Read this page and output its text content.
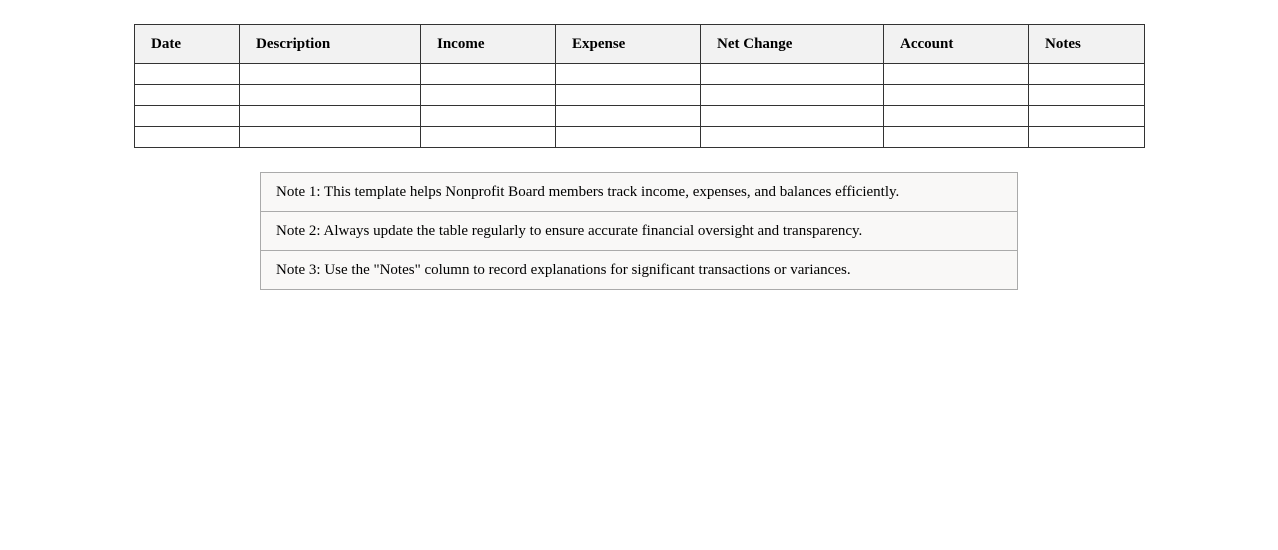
Date	Description	Income	Expense	Net Change	Account	Notes

Note 1: This template helps Nonprofit Board members track income, expenses, and balances efficiently.
Note 2: Always update the table regularly to ensure accurate financial oversight and transparency.
Note 3: Use the "Notes" column to record explanations for significant transactions or variances.
